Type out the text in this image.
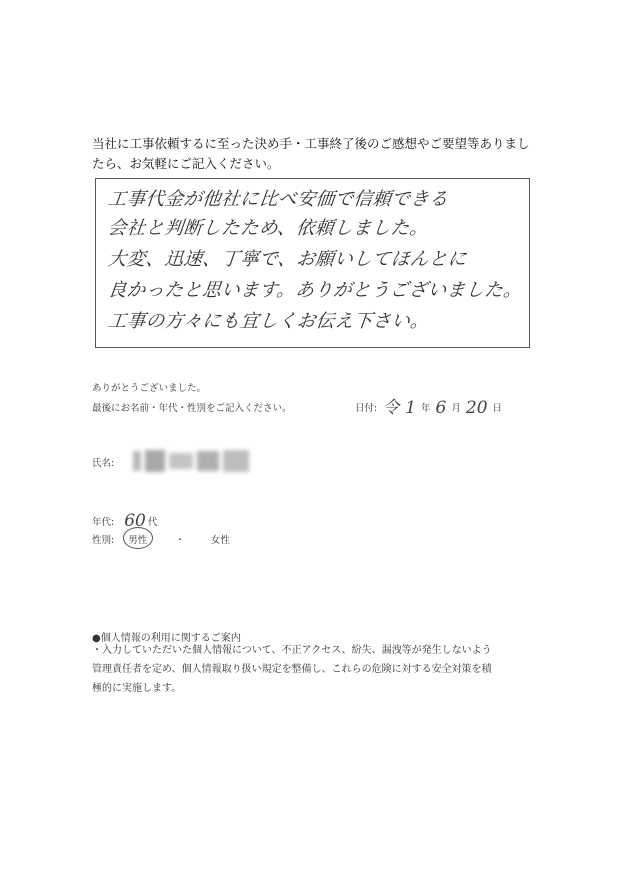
当社に工事依頼するに至った決め手・工事終了後のご感想やご要望等ありまし
たら、お気軽にご記入ください。
工事代金が他社に比べ安価で信頼できる
会社と判断したため、依頼しました。
大変、迅速、丁寧で、お願いしてほんとに
良かったと思います。ありがとうございました。
工事の方々にも宜しくお伝え下さい。
ありがとうございました。
最後にお名前・年代・性別をご記入ください。	日付: 令 1 年 6 月 20 日
氏名:
年代: 60 代
性別: 男性	・	女性
●個人情報の利用に関するご案内
・入力していただいた個人情報について、不正アクセス、紛失、漏洩等が発生しないよう
管理責任者を定め、個人情報取り扱い規定を整備し、これらの危険に対する安全対策を積
極的に実施します。
